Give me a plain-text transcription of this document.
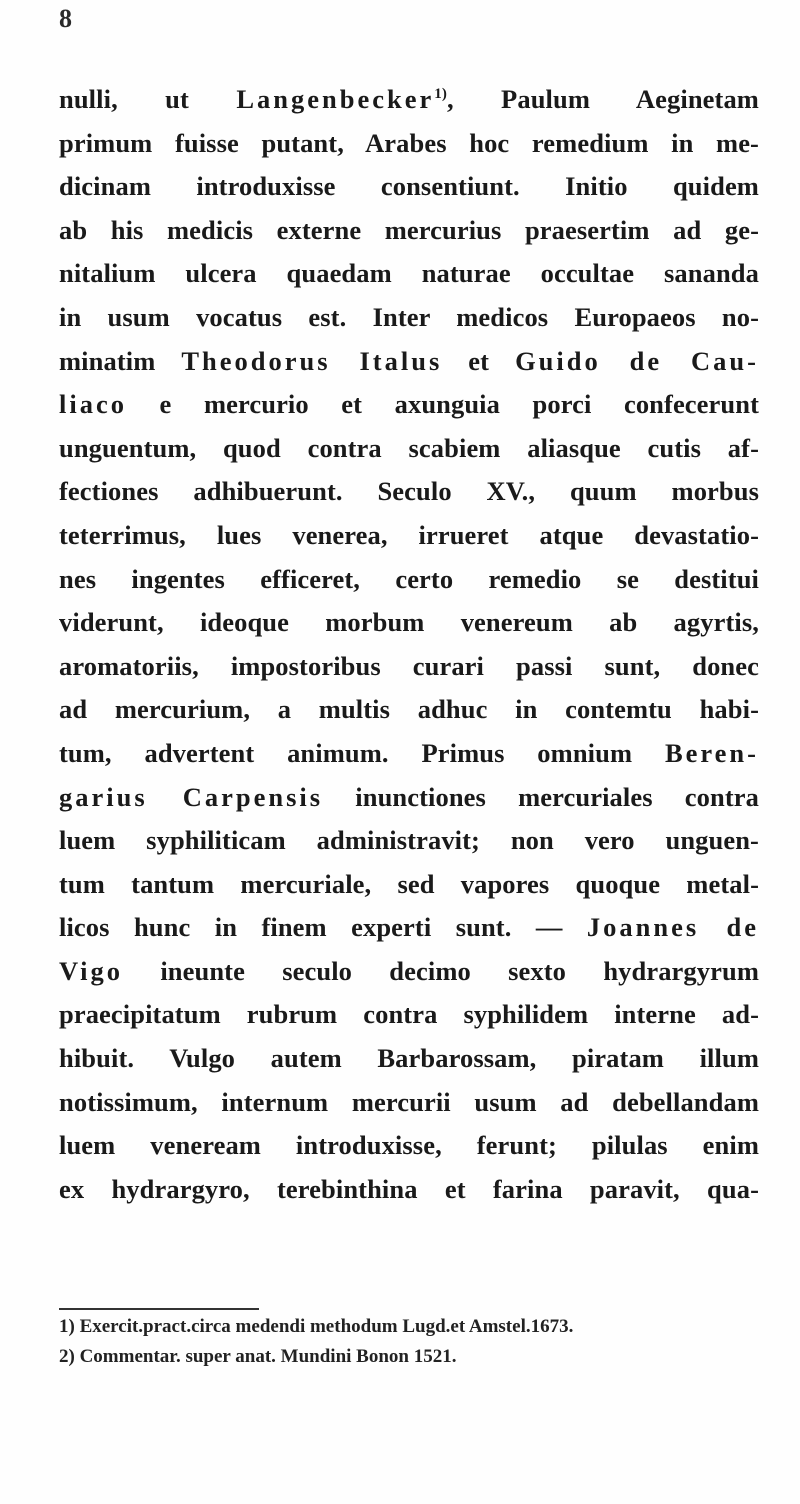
8
nulli, ut Langenbecker$^{1)}$, Paulum Aeginetam
primum fuisse putant, Arabes hoc remedium in me-
dicinam introduxisse consentiunt. Initio quidem
ab his medicis externe mercurius praesertim ad ge-
nitalium ulcera quaedam naturae occultae sananda
in usum vocatus est. Inter medicos Europaeos no-
minatim Theodorus Italus et Guido de Cau-
liaco e mercurio et axunguia porci confecerunt
unguentum, quod contra scabiem aliasque cutis af-
fectiones adhibuerunt. Seculo XV., quum morbus
teterrimus, lues venerea, irrueret atque devastatio-
nes ingentes efficeret, certo remedio se destitui
viderunt, ideoque morbum venereum ab agyrtis,
aromatoriis, impostoribus curari passi sunt, donec
ad mercurium, a multis adhuc in contemtu habi-
tum, advertent animum. Primus omnium Beren-
garius Carpensis inunctiones mercuriales contra
luem syphiliticam administravit; non vero unguen-
tum tantum mercuriale, sed vapores quoque metal-
licos hunc in finem experti sunt. — Joannes de
Vigo ineunte seculo decimo sexto hydrargyrum
praecipitatum rubrum contra syphilidem interne ad-
hibuit. Vulgo autem Barbarossam, piratam illum
notissimum, internum mercurii usum ad debellandam
luem veneream introduxisse, ferunt; pilulas enim
ex hydrargyro, terebinthina et farina paravit, qua-
1) Exercit.pract.circa medendi methodum Lugd.et Amstel.1673.
2) Commentar. super anat. Mundini Bonon 1521.
